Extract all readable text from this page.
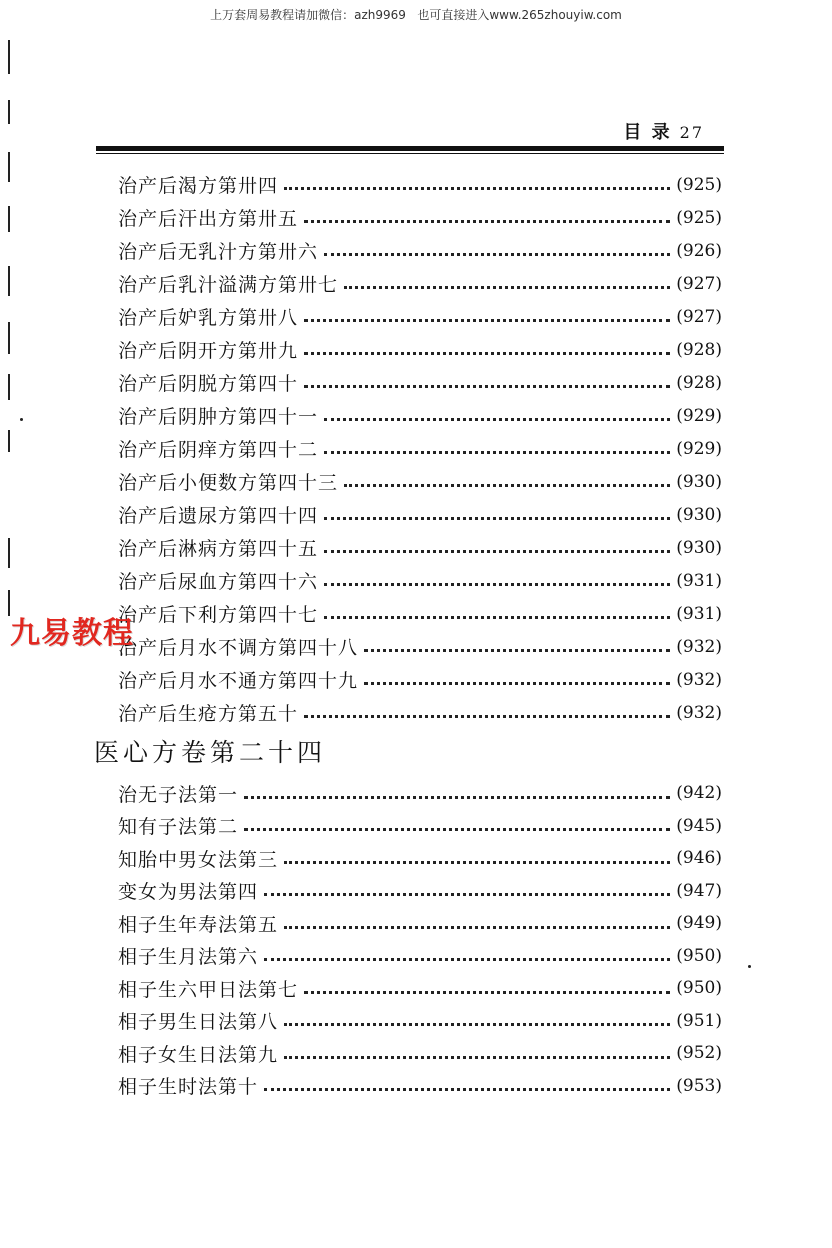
上万套周易教程请加微信：azh9969   也可直接进入www.265zhouyiw.com
目 录 27
治产后渴方第卅四	(925)
治产后汗出方第卅五	(925)
治产后无乳汁方第卅六	(926)
治产后乳汁溢满方第卅七	(927)
治产后妒乳方第卅八	(927)
治产后阴开方第卅九	(928)
治产后阴脱方第四十	(928)
治产后阴肿方第四十一	(929)
治产后阴痒方第四十二	(929)
治产后小便数方第四十三	(930)
治产后遗尿方第四十四	(930)
治产后淋病方第四十五	(930)
治产后尿血方第四十六	(931)
治产后下利方第四十七	(931)
治产后月水不调方第四十八	(932)
治产后月水不通方第四十九	(932)
治产后生疮方第五十	(932)
医心方卷第二十四
治无子法第一	(942)
知有子法第二	(945)
知胎中男女法第三	(946)
变女为男法第四	(947)
相子生年寿法第五	(949)
相子生月法第六	(950)
相子生六甲日法第七	(950)
相子男生日法第八	(951)
相子女生日法第九	(952)
相子生时法第十	(953)
九易教程
